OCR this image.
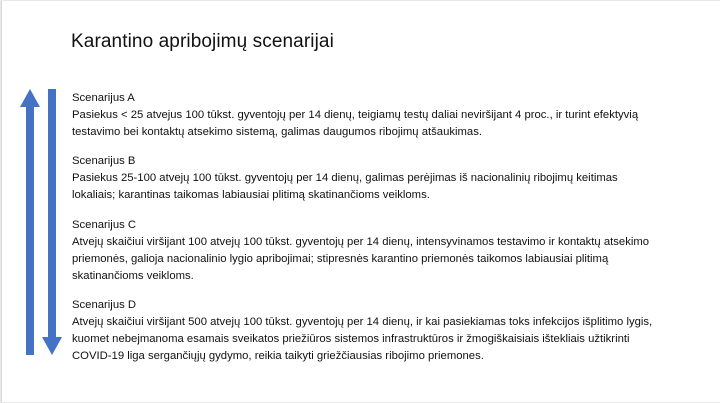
Karantino apribojimų scenarijai
Scenarijus A
Pasiekus < 25 atvejus 100 tūkst. gyventojų per 14 dienų, teigiamų testų daliai neviršijant 4 proc., ir turint efektyvią
testavimo bei kontaktų atsekimo sistemą, galimas daugumos ribojimų atšaukimas.
Scenarijus B
Pasiekus 25-100 atvejų 100 tūkst. gyventojų per 14 dienų, galimas perėjimas iš nacionalinių ribojimų keitimas
lokaliais; karantinas taikomas labiausiai plitimą skatinančioms veikloms.
Scenarijus C
Atvejų skaičiui viršijant 100 atvejų 100 tūkst. gyventojų per 14 dienų, intensyvinamos testavimo ir kontaktų atsekimo
priemonės, galioja nacionalinio lygio apribojimai; stipresnės karantino priemonės taikomos labiausiai plitimą
skatinančioms veikloms.
Scenarijus D
Atvejų skaičiui viršijant 500 atvejų 100 tūkst. gyventojų per 14 dienų, ir kai pasiekiamas toks infekcijos išplitimo lygis,
kuomet nebejmanoma esamais sveikatos priežiūros sistemos infrastruktūros ir žmogiškaisiais ištekliais užtikrinti
COVID-19 liga sergančiųjų gydymo, reikia taikyti griežčiausias ribojimo priemones.
